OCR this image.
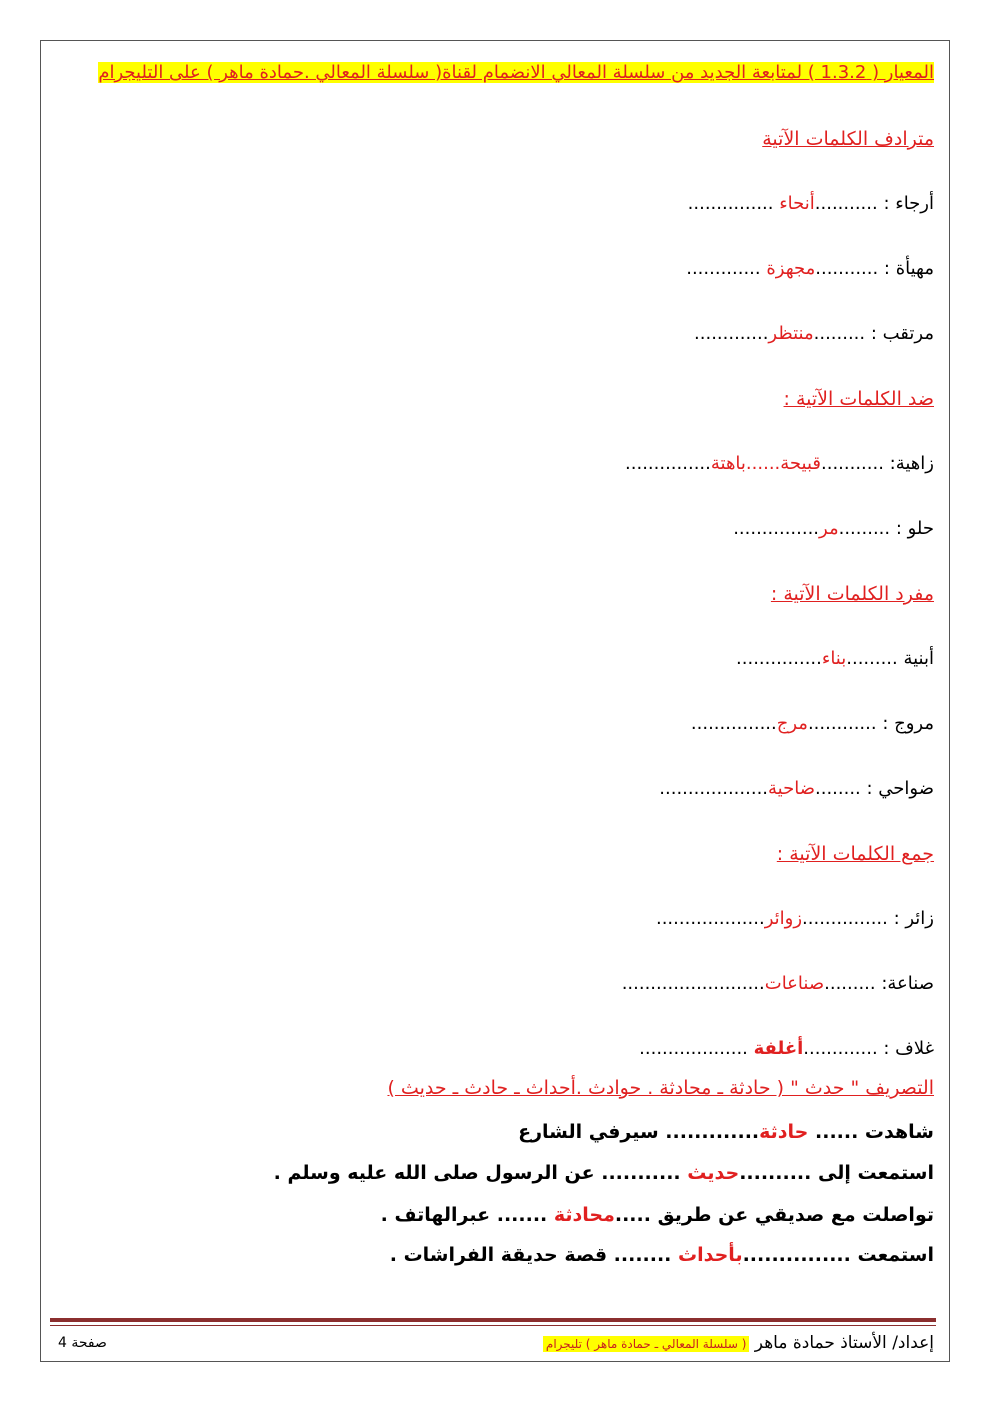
المعيار ( 1.3.2 ) لمتابعة الجديد من سلسلة المعالي الانضمام لقناة( سلسلة المعالي .حمادة ماهر ) على التليجرام
مترادف الكلمات الآتية
أرجاء : ...........أنحاء ...............
مهيأة : ...........مجهزة .............
مرتقب : .........منتظر.............
ضد الكلمات الآتية :
زاهية: ...........قبيحة......باهتة...............
حلو : .........مر...............
مفرد الكلمات الآتية :
أبنية .........بناء...............
مروج : ............مرج...............
ضواحي : ........ضاحية...................
جمع الكلمات الآتية :
زائر : ...............زوائر...................
صناعة: .........صناعات.........................
غلاف : .............أغلفة ...................
التصريف " حدث " ( حادثة ـ محادثة . حوادث .أحداث ـ حادث ـ حديث )
شاهدت ...... حادثة............. سيرفي الشارع
استمعت إلى ..........حديث ........... عن الرسول صلى الله عليه وسلم .
تواصلت مع صديقي عن طريق .....محادثة ....... عبرالهاتف .
استمعت ...............بأحداث ........ قصة حديقة الفراشات .
إعداد/ الأستاذ حمادة ماهر ( سلسلة المعالي ـ حمادة ماهر ) تليجرام
صفحة 4
